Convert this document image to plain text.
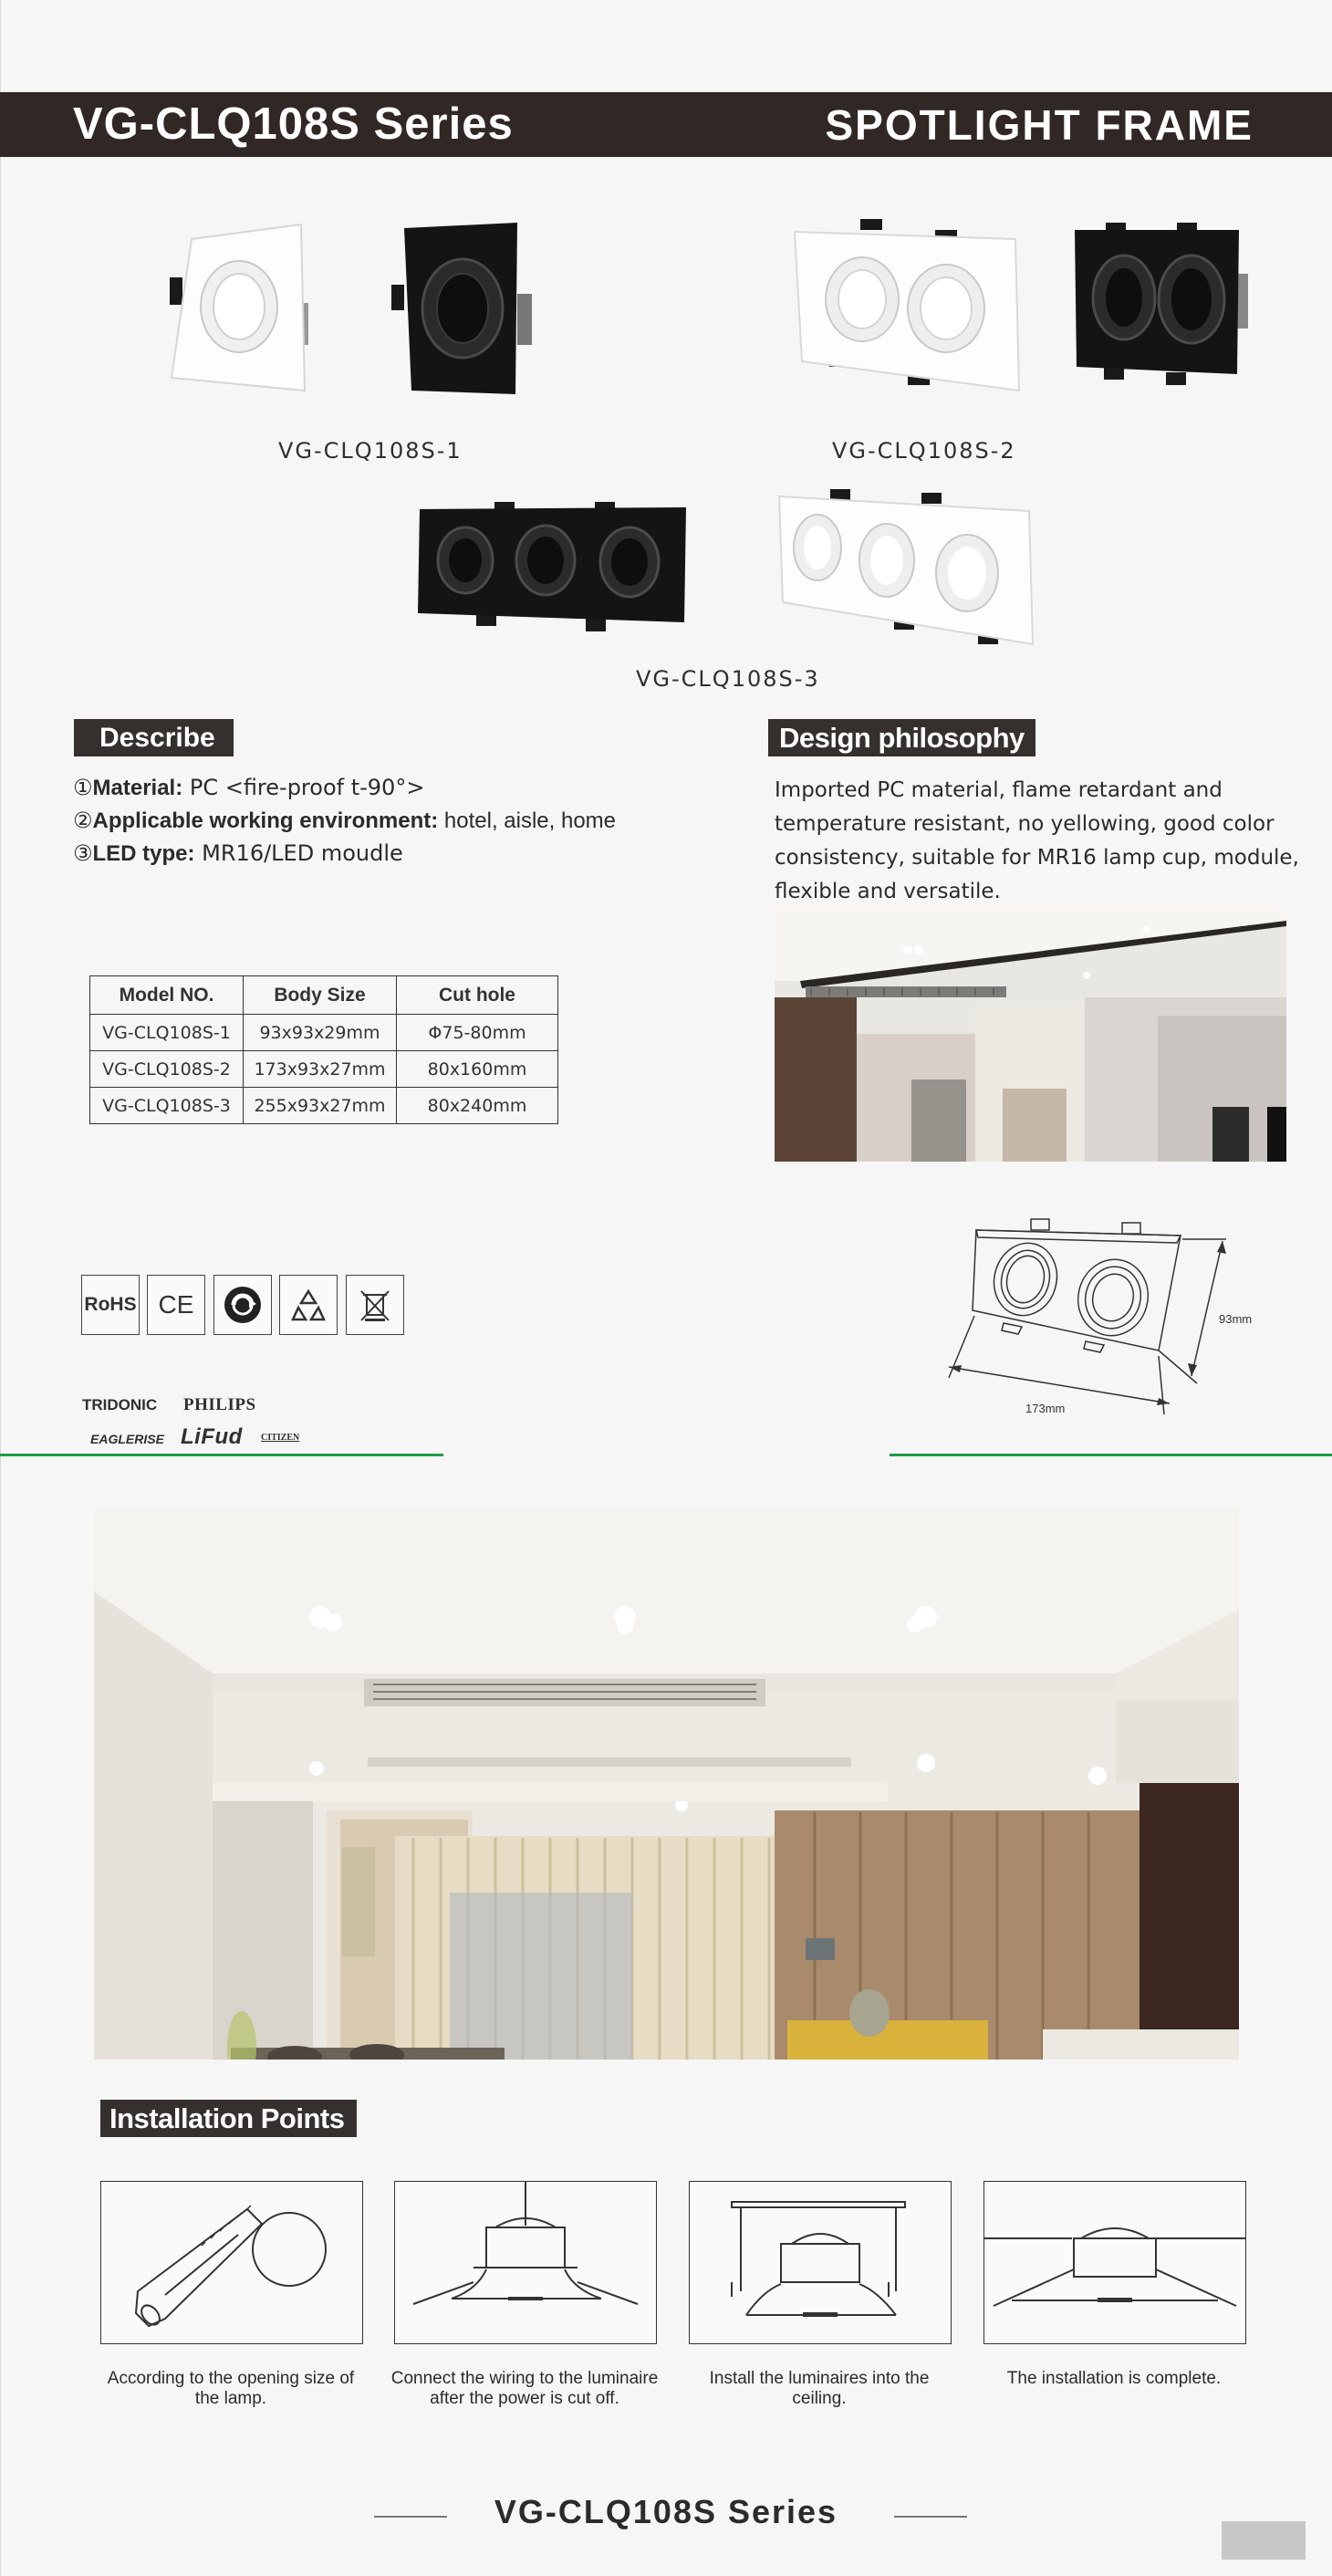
VG-CLQ108S Series	SPOTLIGHT FRAME
VG-CLQ108S-1	VG-CLQ108S-2
VG-CLQ108S-3
Describe
①Material: PC <fire-proof t-90°>
②Applicable working environment: hotel, aisle, home
③LED type: MR16/LED moudle
Design philosophy
Imported PC material, flame retardant and temperature resistant, no yellowing, good color consistency, suitable for MR16 lamp cup, module, flexible and versatile.
Model NO.	Body Size	Cut hole
VG-CLQ108S-1	93x93x29mm	Φ75-80mm
VG-CLQ108S-2	173x93x27mm	80x160mm
VG-CLQ108S-3	255x93x27mm	80x240mm
RoHS CE
TRIDONIC PHILIPS
EAGLERISE LiFud CITIZEN
93mm
173mm
Installation Points
According to the opening size of the lamp.
Connect the wiring to the luminaire after the power is cut off.
Install the luminaires into the ceiling.
The installation is complete.
VG-CLQ108S Series
